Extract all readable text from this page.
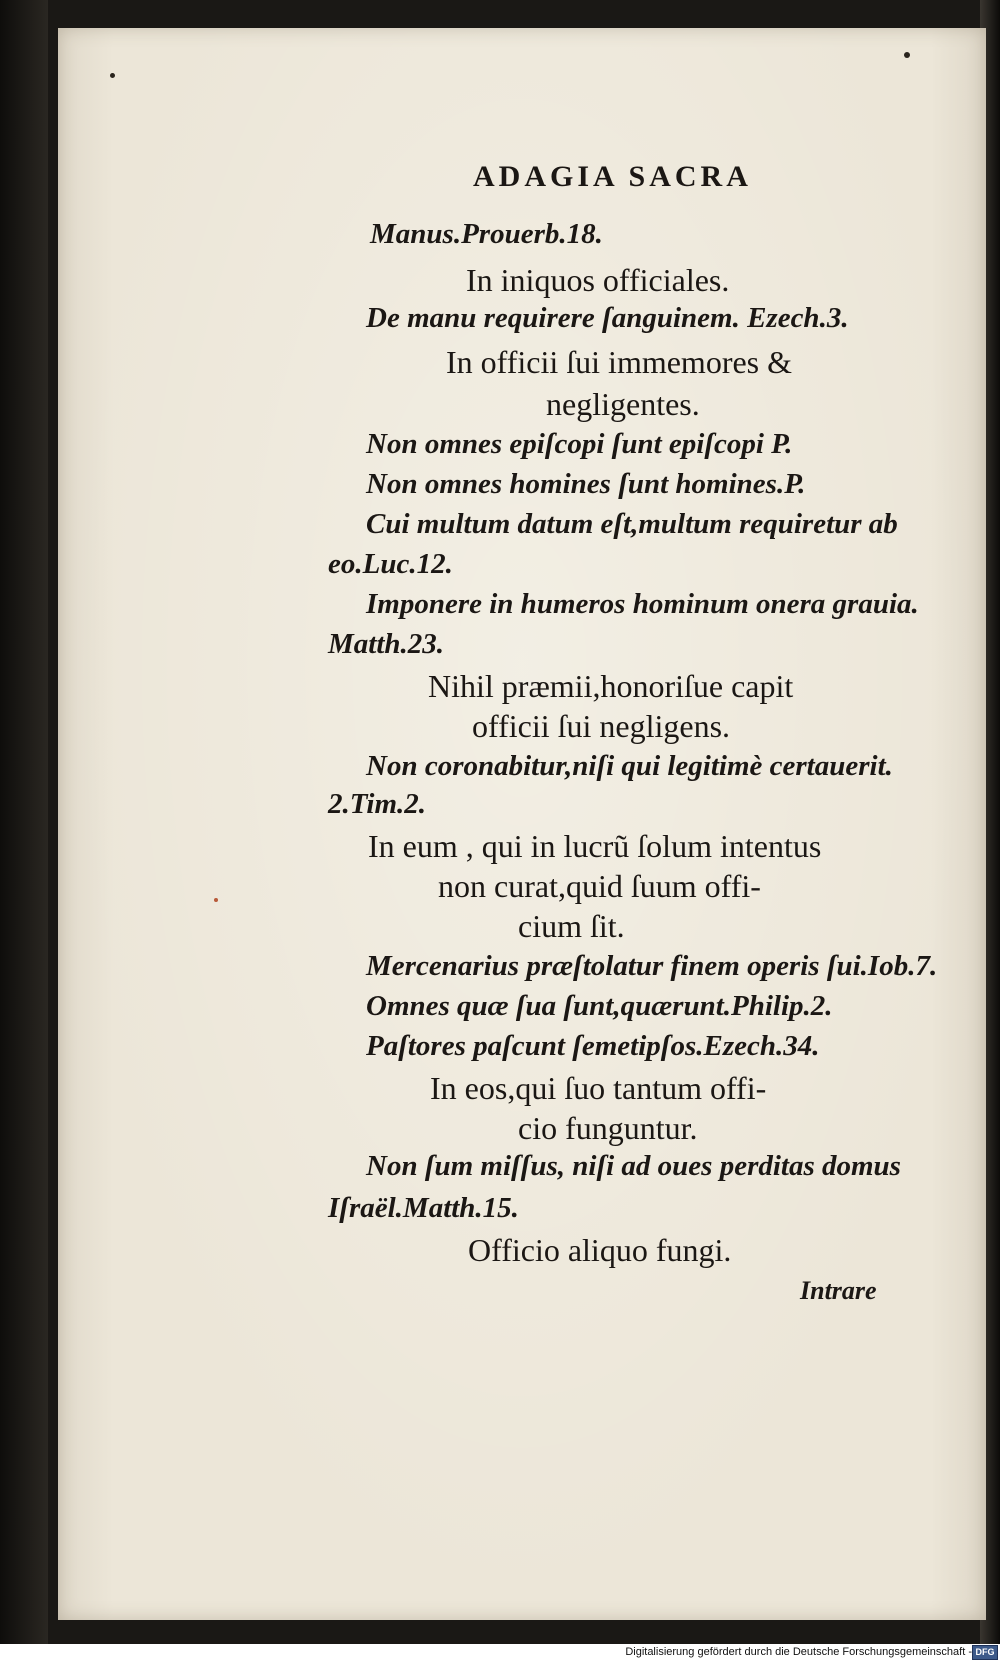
ADAGIA SACRA
Manus.Prouerb.18.
In iniquos officiales.
De manu requirere ſanguinem. Ezech.3.
In officii ſui immemores &
negligentes.
Non omnes epiſcopi ſunt epiſcopi P.
Non omnes homines ſunt homines.P.
Cui multum datum eſt,multum requiretur ab
eo.Luc.12.
Imponere in humeros hominum onera grauia.
Matth.23.
Nihil præmii,honoriſue capit
officii ſui negligens.
Non coronabitur,niſi qui legitimè certauerit.
2.Tim.2.
In eum , qui in lucrũ ſolum intentus
non curat,quid ſuum offi-
cium ſit.
Mercenarius præſtolatur finem operis ſui.Iob.7.
Omnes quæ ſua ſunt,quærunt.Philip.2.
Paſtores paſcunt ſemetipſos.Ezech.34.
In eos,qui ſuo tantum offi-
cio funguntur.
Non ſum miſſus, niſi ad oues perditas domus
Iſraël.Matth.15.
Officio aliquo fungi.
Intrare
Digitalisierung gefördert durch die Deutsche Forschungsgemeinschaft - DFG
